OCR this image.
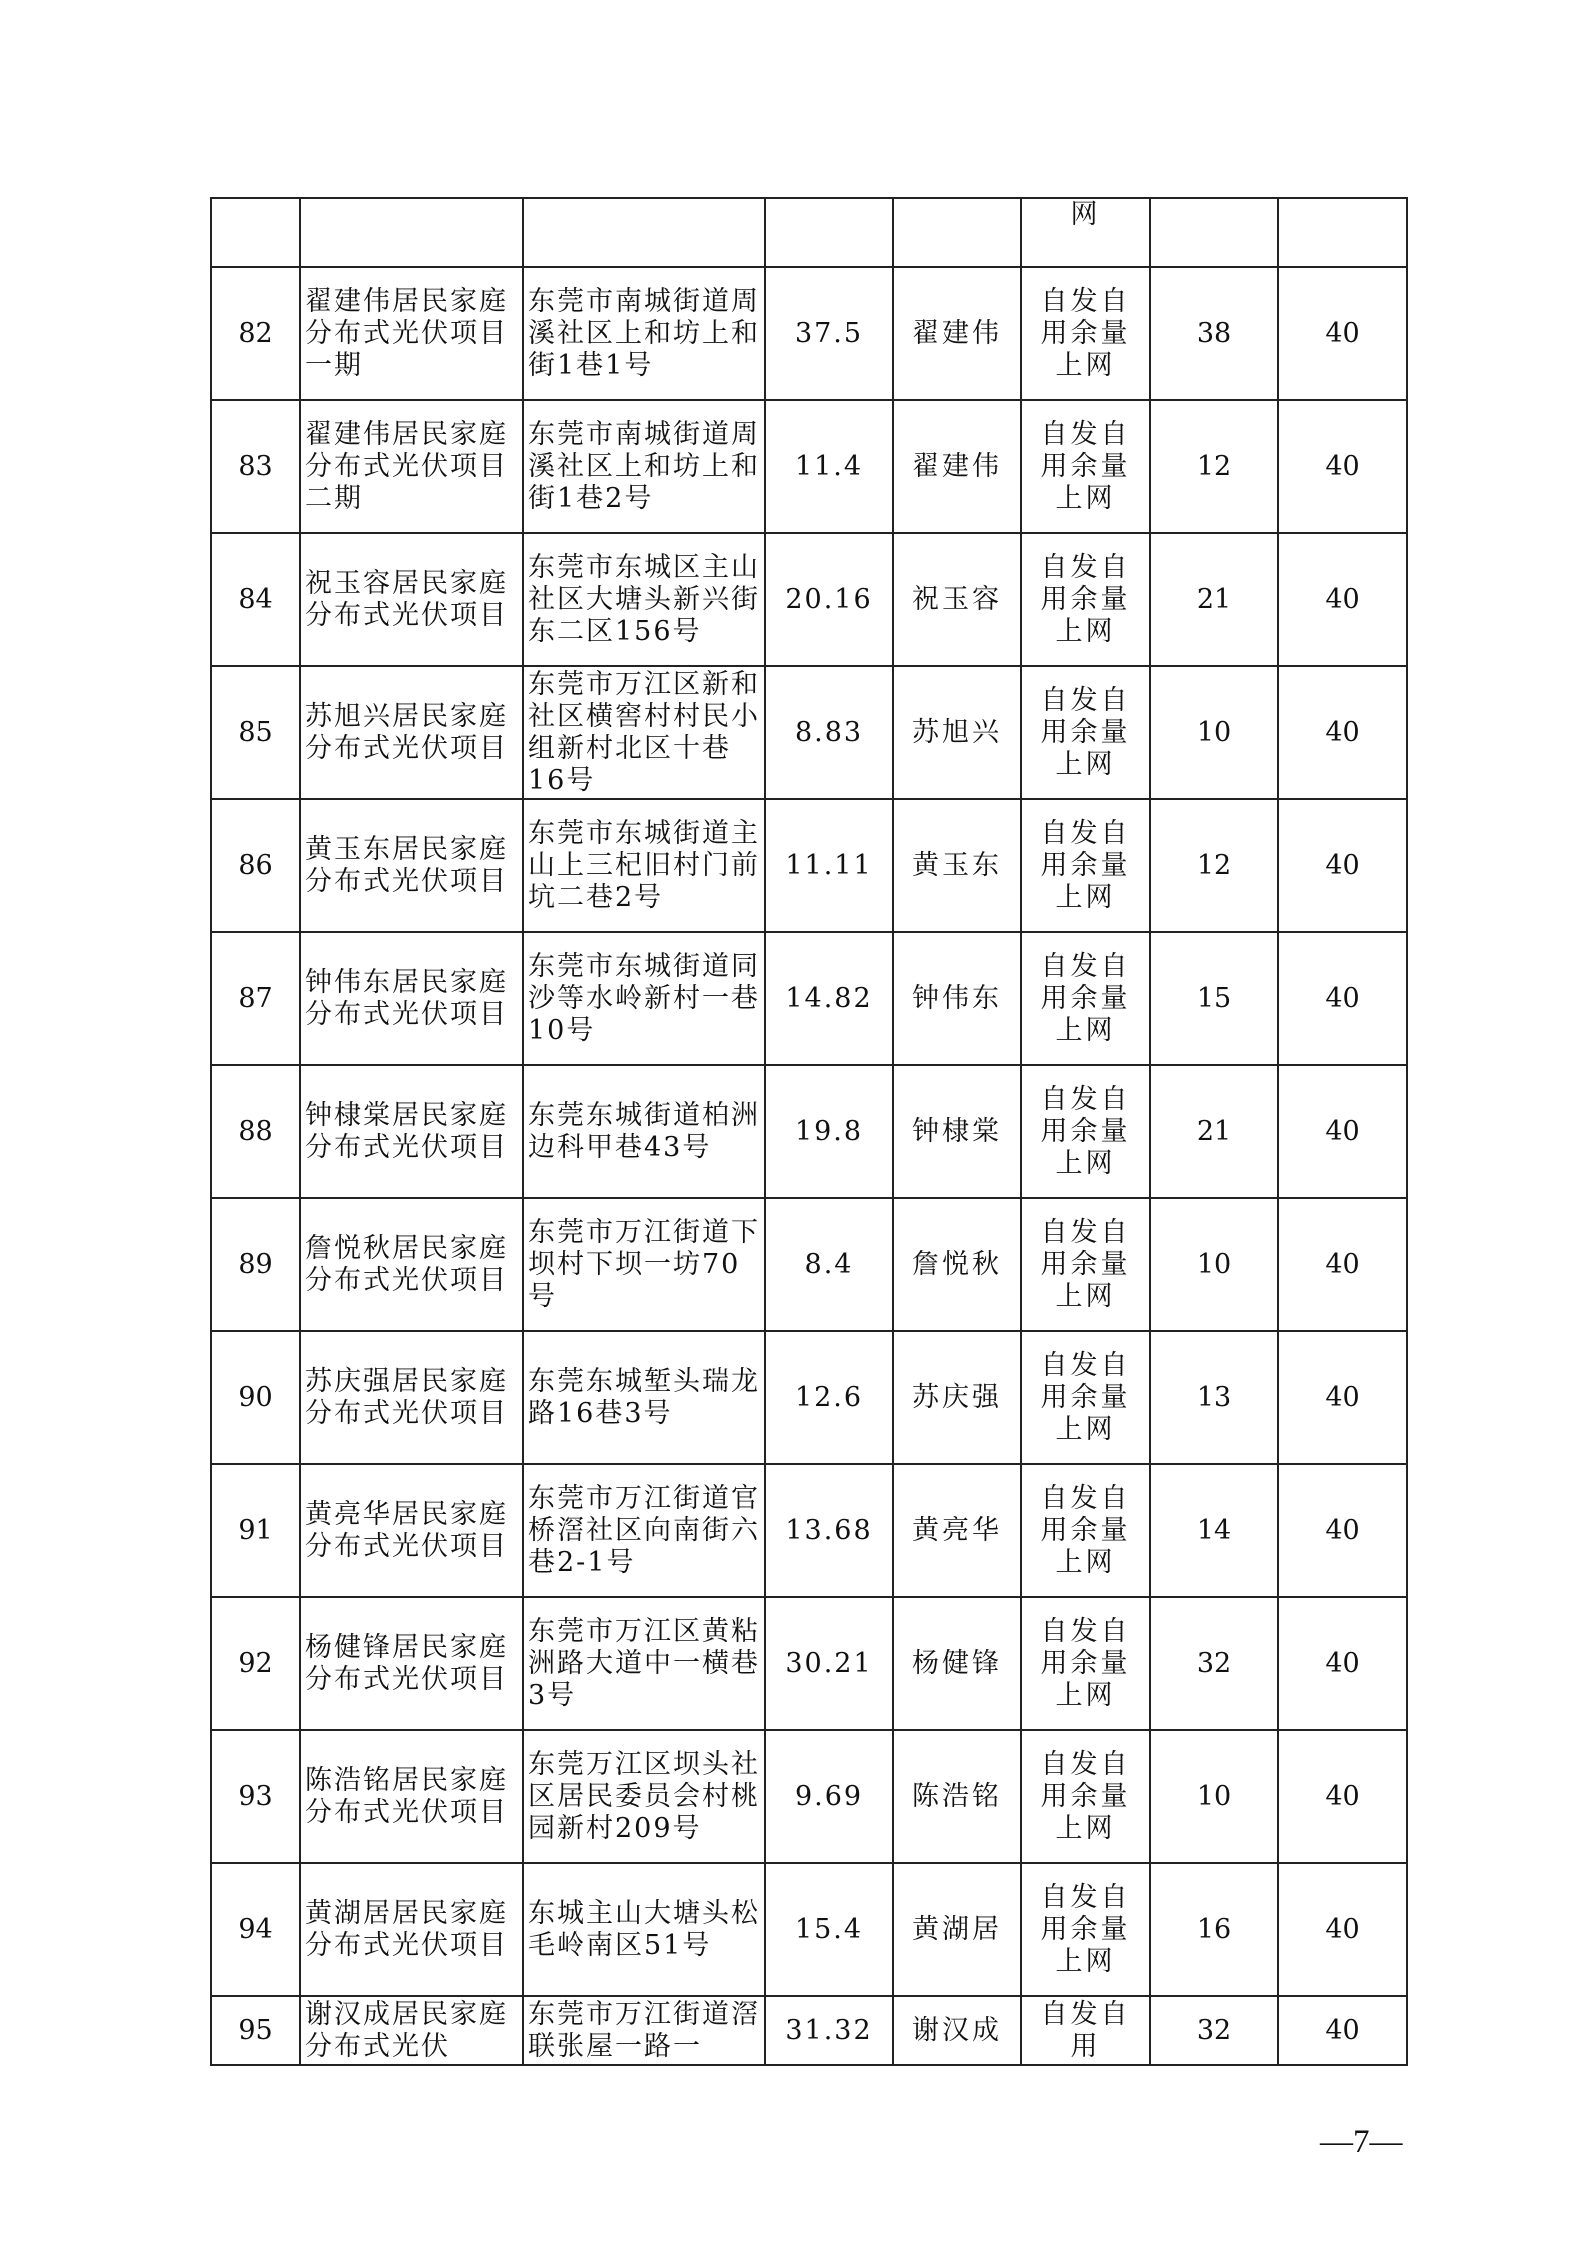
					网		
82	翟建伟居民家庭分布式光伏项目一期	东莞市南城街道周溪社区上和坊上和街1巷1号	37.5	翟建伟	自发自用余量上网	38	40
83	翟建伟居民家庭分布式光伏项目二期	东莞市南城街道周溪社区上和坊上和街1巷2号	11.4	翟建伟	自发自用余量上网	12	40
84	祝玉容居民家庭分布式光伏项目	东莞市东城区主山社区大塘头新兴街东二区156号	20.16	祝玉容	自发自用余量上网	21	40
85	苏旭兴居民家庭分布式光伏项目	东莞市万江区新和社区横窖村村民小组新村北区十巷16号	8.83	苏旭兴	自发自用余量上网	10	40
86	黄玉东居民家庭分布式光伏项目	东莞市东城街道主山上三杞旧村门前坑二巷2号	11.11	黄玉东	自发自用余量上网	12	40
87	钟伟东居民家庭分布式光伏项目	东莞市东城街道同沙等水岭新村一巷10号	14.82	钟伟东	自发自用余量上网	15	40
88	钟棣棠居民家庭分布式光伏项目	东莞东城街道柏洲边科甲巷43号	19.8	钟棣棠	自发自用余量上网	21	40
89	詹悦秋居民家庭分布式光伏项目	东莞市万江街道下坝村下坝一坊70号	8.4	詹悦秋	自发自用余量上网	10	40
90	苏庆强居民家庭分布式光伏项目	东莞东城堑头瑞龙路16巷3号	12.6	苏庆强	自发自用余量上网	13	40
91	黄亮华居民家庭分布式光伏项目	东莞市万江街道官桥滘社区向南街六巷2-1号	13.68	黄亮华	自发自用余量上网	14	40
92	杨健锋居民家庭分布式光伏项目	东莞市万江区黄粘洲路大道中一横巷3号	30.21	杨健锋	自发自用余量上网	32	40
93	陈浩铭居民家庭分布式光伏项目	东莞万江区坝头社区居民委员会村桃园新村209号	9.69	陈浩铭	自发自用余量上网	10	40
94	黄湖居居民家庭分布式光伏项目	东城主山大塘头松毛岭南区51号	15.4	黄湖居	自发自用余量上网	16	40
95	谢汉成居民家庭分布式光伏	东莞市万江街道滘联张屋一路一	31.32	谢汉成	自发自用	32	40
—7—
